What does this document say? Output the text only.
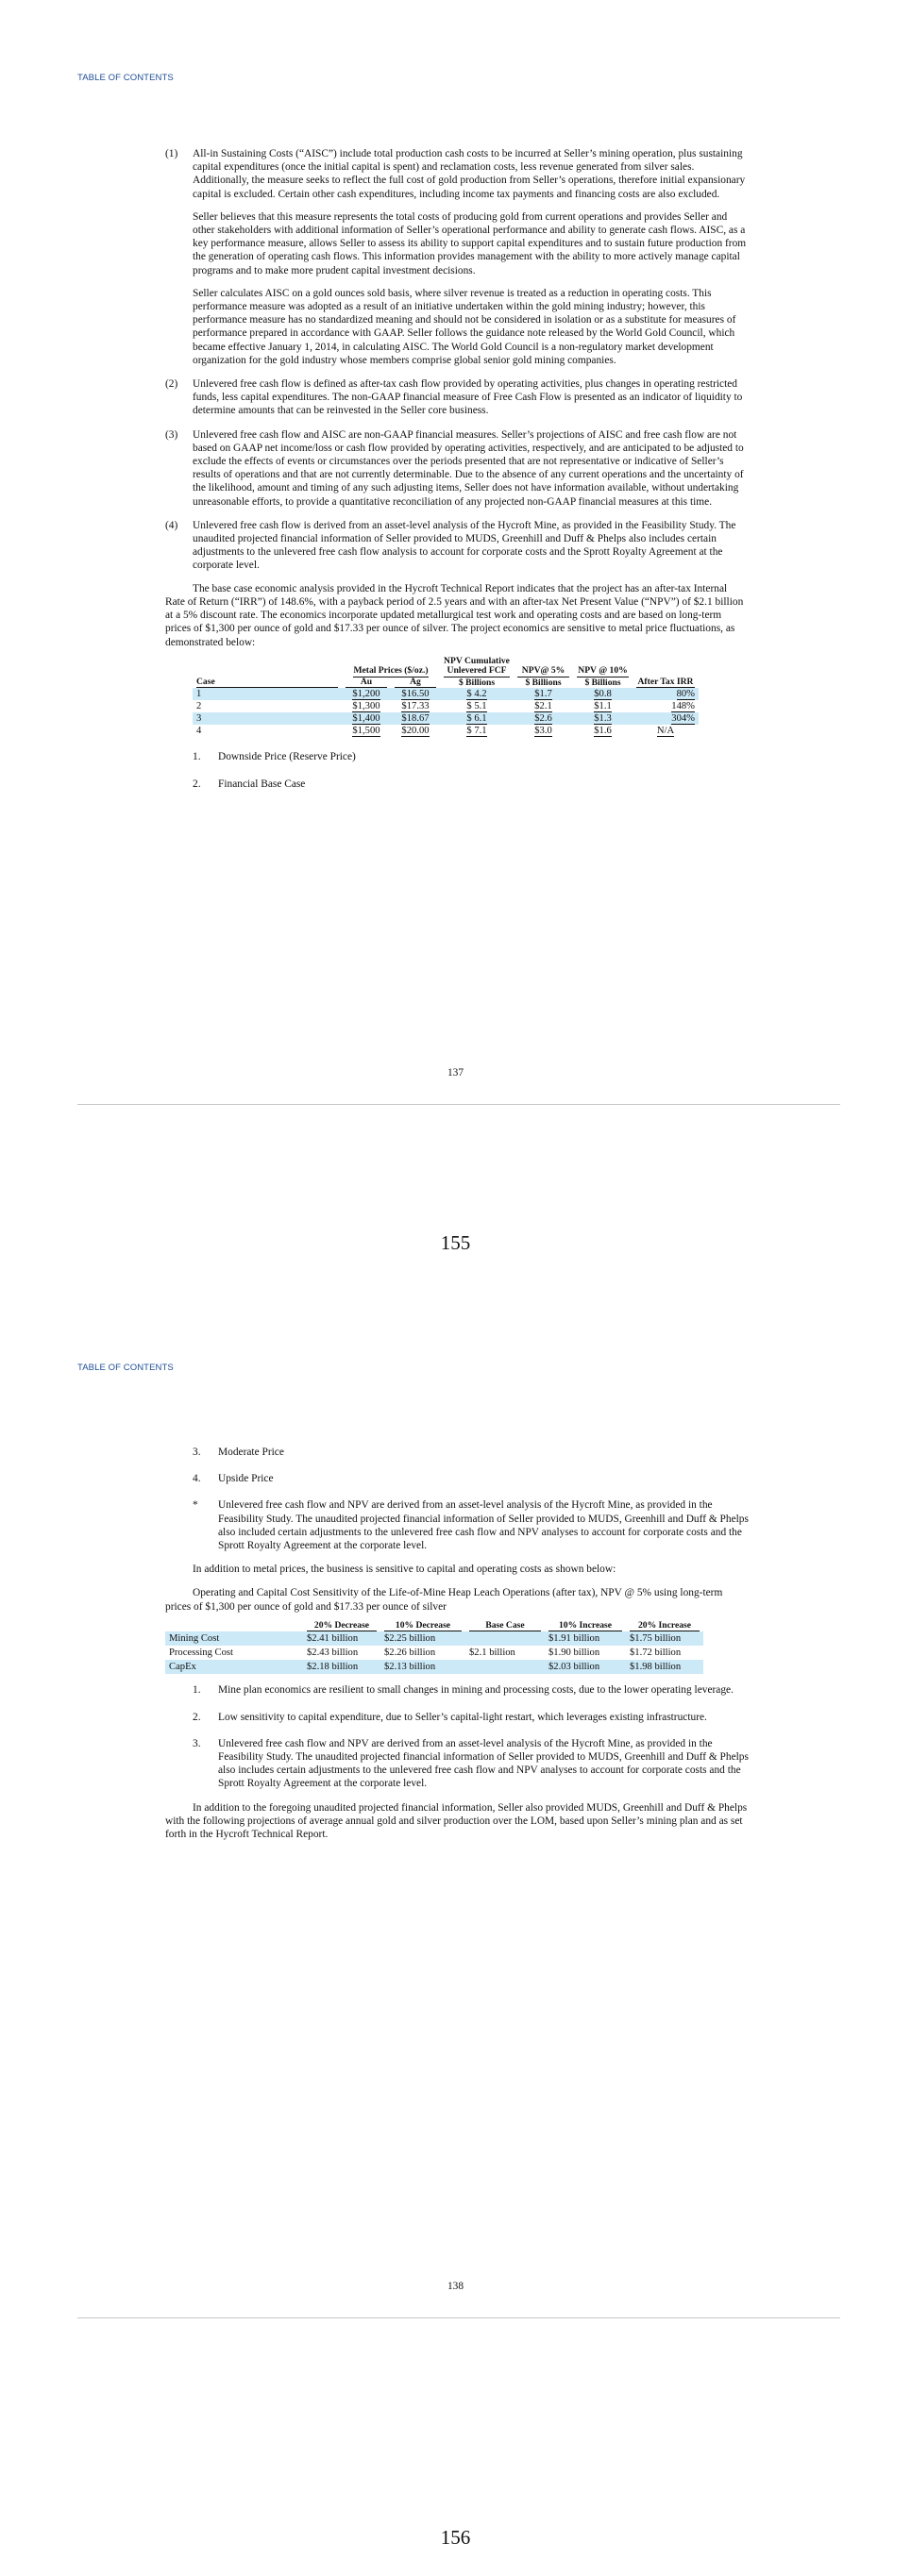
TABLE OF CONTENTS
(1) All-in Sustaining Costs (“AISC”) include total production cash costs to be incurred at Seller’s mining operation, plus sustaining capital expenditures (once the initial capital is spent) and reclamation costs, less revenue generated from silver sales. Additionally, the measure seeks to reflect the full cost of gold production from Seller’s operations, therefore initial expansionary capital is excluded. Certain other cash expenditures, including income tax payments and financing costs are also excluded.

Seller believes that this measure represents the total costs of producing gold from current operations and provides Seller and other stakeholders with additional information of Seller’s operational performance and ability to generate cash flows. AISC, as a key performance measure, allows Seller to assess its ability to support capital expenditures and to sustain future production from the generation of operating cash flows. This information provides management with the ability to more actively manage capital programs and to make more prudent capital investment decisions.

Seller calculates AISC on a gold ounces sold basis, where silver revenue is treated as a reduction in operating costs. This performance measure was adopted as a result of an initiative undertaken within the gold mining industry; however, this performance measure has no standardized meaning and should not be considered in isolation or as a substitute for measures of performance prepared in accordance with GAAP. Seller follows the guidance note released by the World Gold Council, which became effective January 1, 2014, in calculating AISC. The World Gold Council is a non-regulatory market development organization for the gold industry whose members comprise global senior gold mining companies.

(2) Unlevered free cash flow is defined as after-tax cash flow provided by operating activities, plus changes in operating restricted funds, less capital expenditures. The non-GAAP financial measure of Free Cash Flow is presented as an indicator of liquidity to determine amounts that can be reinvested in the Seller core business.

(3) Unlevered free cash flow and AISC are non-GAAP financial measures. Seller’s projections of AISC and free cash flow are not based on GAAP net income/loss or cash flow provided by operating activities, respectively, and are anticipated to be adjusted to exclude the effects of events or circumstances over the periods presented that are not representative or indicative of Seller’s results of operations and that are not currently determinable. Due to the absence of any current operations and the uncertainty of the likelihood, amount and timing of any such adjusting items, Seller does not have information available, without undertaking unreasonable efforts, to provide a quantitative reconciliation of any projected non-GAAP financial measures at this time.

(4) Unlevered free cash flow is derived from an asset-level analysis of the Hycroft Mine, as provided in the Feasibility Study. The unaudited projected financial information of Seller provided to MUDS, Greenhill and Duff & Phelps also includes certain adjustments to the unlevered free cash flow analysis to account for corporate costs and the Sprott Royalty Agreement at the corporate level.

The base case economic analysis provided in the Hycroft Technical Report indicates that the project has an after-tax Internal Rate of Return (“IRR”) of 148.6%, with a payback period of 2.5 years and with an after-tax Net Present Value (“NPV”) of $2.1 billion at a 5% discount rate. The economics incorporate updated metallurgical test work and operating costs and are based on long-term prices of $1,300 per ounce of gold and $17.33 per ounce of silver. The project economics are sensitive to metal price fluctuations, as demonstrated below:

Case	Metal Prices ($/oz.)		NPV Cumulative Unlevered FCF	NPV@ 5%	NPV @ 10%	After Tax IRR

	Au	Ag	$ Billions	$ Billions	$ Billions	
1	$1,200	$16.50	$ 4.2	$1.7	$0.8	80%
2	$1,300	$17.33	$ 5.1	$2.1	$1.1	148%
3	$1,400	$18.67	$ 6.1	$2.6	$1.3	304%
4	$1,500	$20.00	$ 7.1	$3.0	$1.6	N/A
1. Downside Price (Reserve Price)

2. Financial Base Case

137
155
TABLE OF CONTENTS
3. Moderate Price

4. Upside Price

* Unlevered free cash flow and NPV are derived from an asset-level analysis of the Hycroft Mine, as provided in the Feasibility Study. The unaudited projected financial information of Seller provided to MUDS, Greenhill and Duff & Phelps also included certain adjustments to the unlevered free cash flow and NPV analyses to account for corporate costs and the Sprott Royalty Agreement at the corporate level.

In addition to metal prices, the business is sensitive to capital and operating costs as shown below:

Operating and Capital Cost Sensitivity of the Life-of-Mine Heap Leach Operations (after tax), NPV @ 5% using long-term prices of $1,300 per ounce of gold and $17.33 per ounce of silver

	20% Decrease	10% Decrease	Base Case	10% Increase	20% Increase

Mining Cost	$2.41 billion	$2.25 billion		$1.91 billion	$1.75 billion
Processing Cost	$2.43 billion	$2.26 billion	$2.1 billion	$1.90 billion	$1.72 billion
CapEx	$2.18 billion	$2.13 billion		$2.03 billion	$1.98 billion
1. Mine plan economics are resilient to small changes in mining and processing costs, due to the lower operating leverage.

2. Low sensitivity to capital expenditure, due to Seller’s capital-light restart, which leverages existing infrastructure.

3. Unlevered free cash flow and NPV are derived from an asset-level analysis of the Hycroft Mine, as provided in the Feasibility Study. The unaudited projected financial information of Seller provided to MUDS, Greenhill and Duff & Phelps also includes certain adjustments to the unlevered free cash flow and NPV analyses to account for corporate costs and the Sprott Royalty Agreement at the corporate level.

In addition to the foregoing unaudited projected financial information, Seller also provided MUDS, Greenhill and Duff & Phelps with the following projections of average annual gold and silver production over the LOM, based upon Seller’s mining plan and as set forth in the Hycroft Technical Report.

138
156
